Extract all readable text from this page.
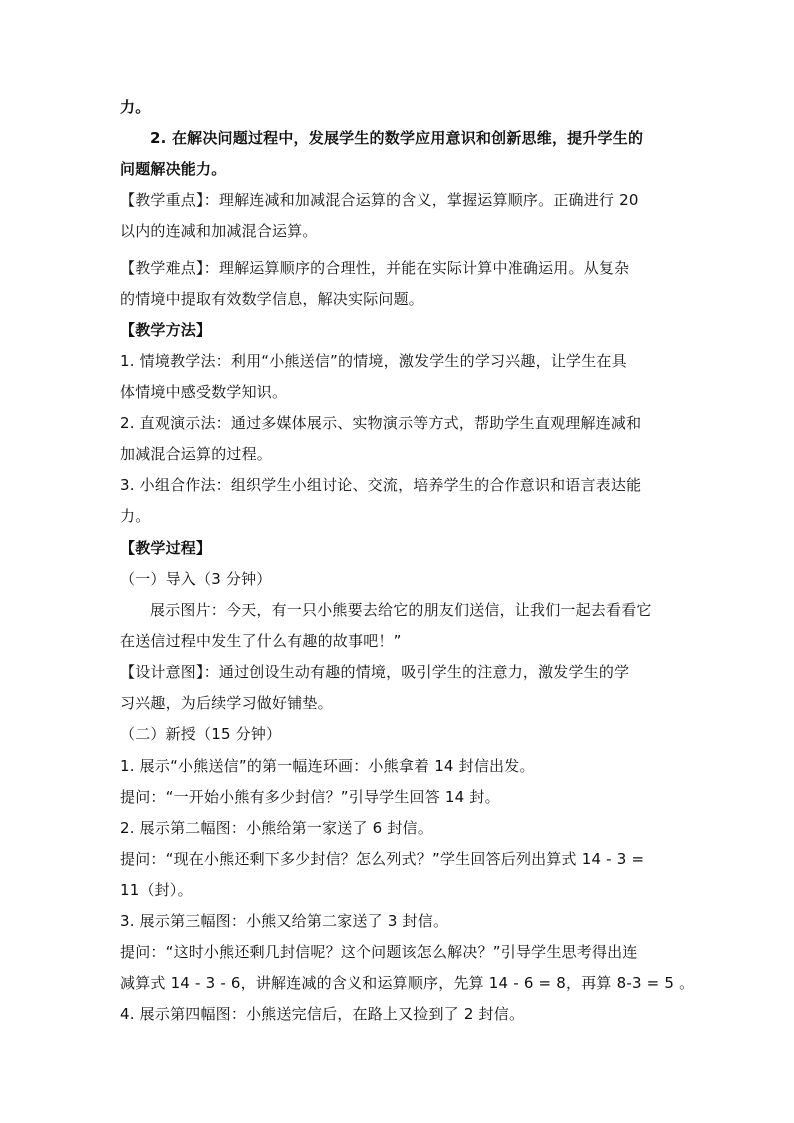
力。
2. 在解决问题过程中，发展学生的数学应用意识和创新思维，提升学生的
问题解决能力。
【教学重点】：理解连减和加减混合运算的含义，掌握运算顺序。正确进行 20
以内的连减和加减混合运算。
【教学难点】：理解运算顺序的合理性，并能在实际计算中准确运用。从复杂
的情境中提取有效数学信息，解决实际问题。
【教学方法】
1. 情境教学法：利用“小熊送信”的情境，激发学生的学习兴趣，让学生在具
体情境中感受数学知识。
2. 直观演示法：通过多媒体展示、实物演示等方式，帮助学生直观理解连减和
加减混合运算的过程。
3. 小组合作法：组织学生小组讨论、交流，培养学生的合作意识和语言表达能
力。
【教学过程】
（一）导入（3 分钟）
展示图片：今天，有一只小熊要去给它的朋友们送信，让我们一起去看看它
在送信过程中发生了什么有趣的故事吧！”
【设计意图】：通过创设生动有趣的情境，吸引学生的注意力，激发学生的学
习兴趣，为后续学习做好铺垫。
（二）新授（15 分钟）
1. 展示“小熊送信”的第一幅连环画：小熊拿着 14 封信出发。
提问：“一开始小熊有多少封信？”引导学生回答 14 封。
2. 展示第二幅图：小熊给第一家送了 6 封信。
提问：“现在小熊还剩下多少封信？怎么列式？”学生回答后列出算式 14 - 3 =
11（封）。
3. 展示第三幅图：小熊又给第二家送了 3 封信。
提问：“这时小熊还剩几封信呢？这个问题该怎么解决？”引导学生思考得出连
减算式 14 - 3 - 6，讲解连减的含义和运算顺序，先算 14 - 6 = 8，再算 8-3 = 5 。
4. 展示第四幅图：小熊送完信后，在路上又捡到了 2 封信。
